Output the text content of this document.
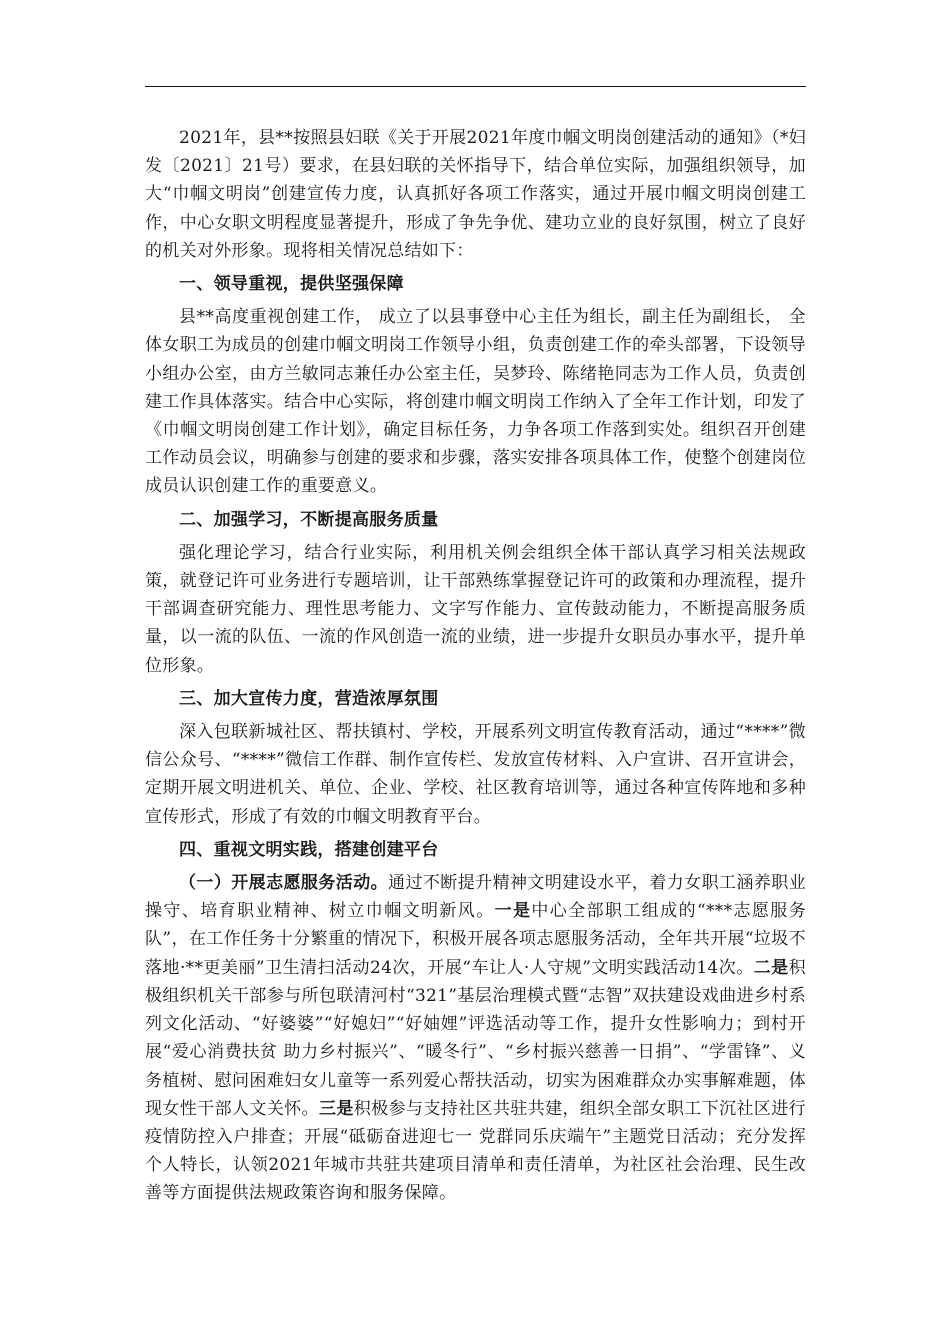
2021年，县**按照县妇联《关于开展2021年度巾帼文明岗创建活动的通知》（*妇发〔2021〕21号）要求，在县妇联的关怀指导下，结合单位实际，加强组织领导，加大“巾帼文明岗”创建宣传力度，认真抓好各项工作落实，通过开展巾帼文明岗创建工作，中心女职文明程度显著提升，形成了争先争优、建功立业的良好氛围，树立了良好的机关对外形象。现将相关情况总结如下：

一、领导重视，提供坚强保障

县**高度重视创建工作， 成立了以县事登中心主任为组长，副主任为副组长， 全体女职工为成员的创建巾帼文明岗工作领导小组，负责创建工作的牵头部署，下设领导小组办公室，由方兰敏同志兼任办公室主任，吴梦玲、陈绪艳同志为工作人员，负责创建工作具体落实。结合中心实际，将创建巾帼文明岗工作纳入了全年工作计划，印发了《巾帼文明岗创建工作计划》，确定目标任务，力争各项工作落到实处。组织召开创建工作动员会议，明确参与创建的要求和步骤，落实安排各项具体工作，使整个创建岗位成员认识创建工作的重要意义。

二、加强学习，不断提高服务质量

强化理论学习，结合行业实际，利用机关例会组织全体干部认真学习相关法规政策，就登记许可业务进行专题培训，让干部熟练掌握登记许可的政策和办理流程，提升干部调查研究能力、理性思考能力、文字写作能力、宣传鼓动能力，不断提高服务质量，以一流的队伍、一流的作风创造一流的业绩，进一步提升女职员办事水平，提升单位形象。

三、加大宣传力度，营造浓厚氛围

深入包联新城社区、帮扶镇村、学校，开展系列文明宣传教育活动，通过“****”微信公众号、“****”微信工作群、制作宣传栏、发放宣传材料、入户宣讲、召开宣讲会，定期开展文明进机关、单位、企业、学校、社区教育培训等，通过各种宣传阵地和多种宣传形式，形成了有效的巾帼文明教育平台。

四、重视文明实践，搭建创建平台

（一）开展志愿服务活动。通过不断提升精神文明建设水平，着力女职工涵养职业操守、培育职业精神、树立巾帼文明新风。一是中心全部职工组成的“***志愿服务队”，在工作任务十分繁重的情况下，积极开展各项志愿服务活动，全年共开展“垃圾不落地·**更美丽”卫生清扫活动24次，开展“车让人·人守规”文明实践活动14次。二是积极组织机关干部参与所包联清河村“321”基层治理模式暨“志智”双扶建设戏曲进乡村系列文化活动、“好婆婆”“好媳妇”“好妯娌”评选活动等工作，提升女性影响力；到村开展“爱心消费扶贫 助力乡村振兴”、“暖冬行”、“乡村振兴慈善一日捐”、“学雷锋”、义务植树、慰问困难妇女儿童等一系列爱心帮扶活动，切实为困难群众办实事解难题，体现女性干部人文关怀。三是积极参与支持社区共驻共建，组织全部女职工下沉社区进行疫情防控入户排查；开展“砥砺奋进迎七一 党群同乐庆端午”主题党日活动；充分发挥个人特长，认领2021年城市共驻共建项目清单和责任清单，为社区社会治理、民生改善等方面提供法规政策咨询和服务保障。
